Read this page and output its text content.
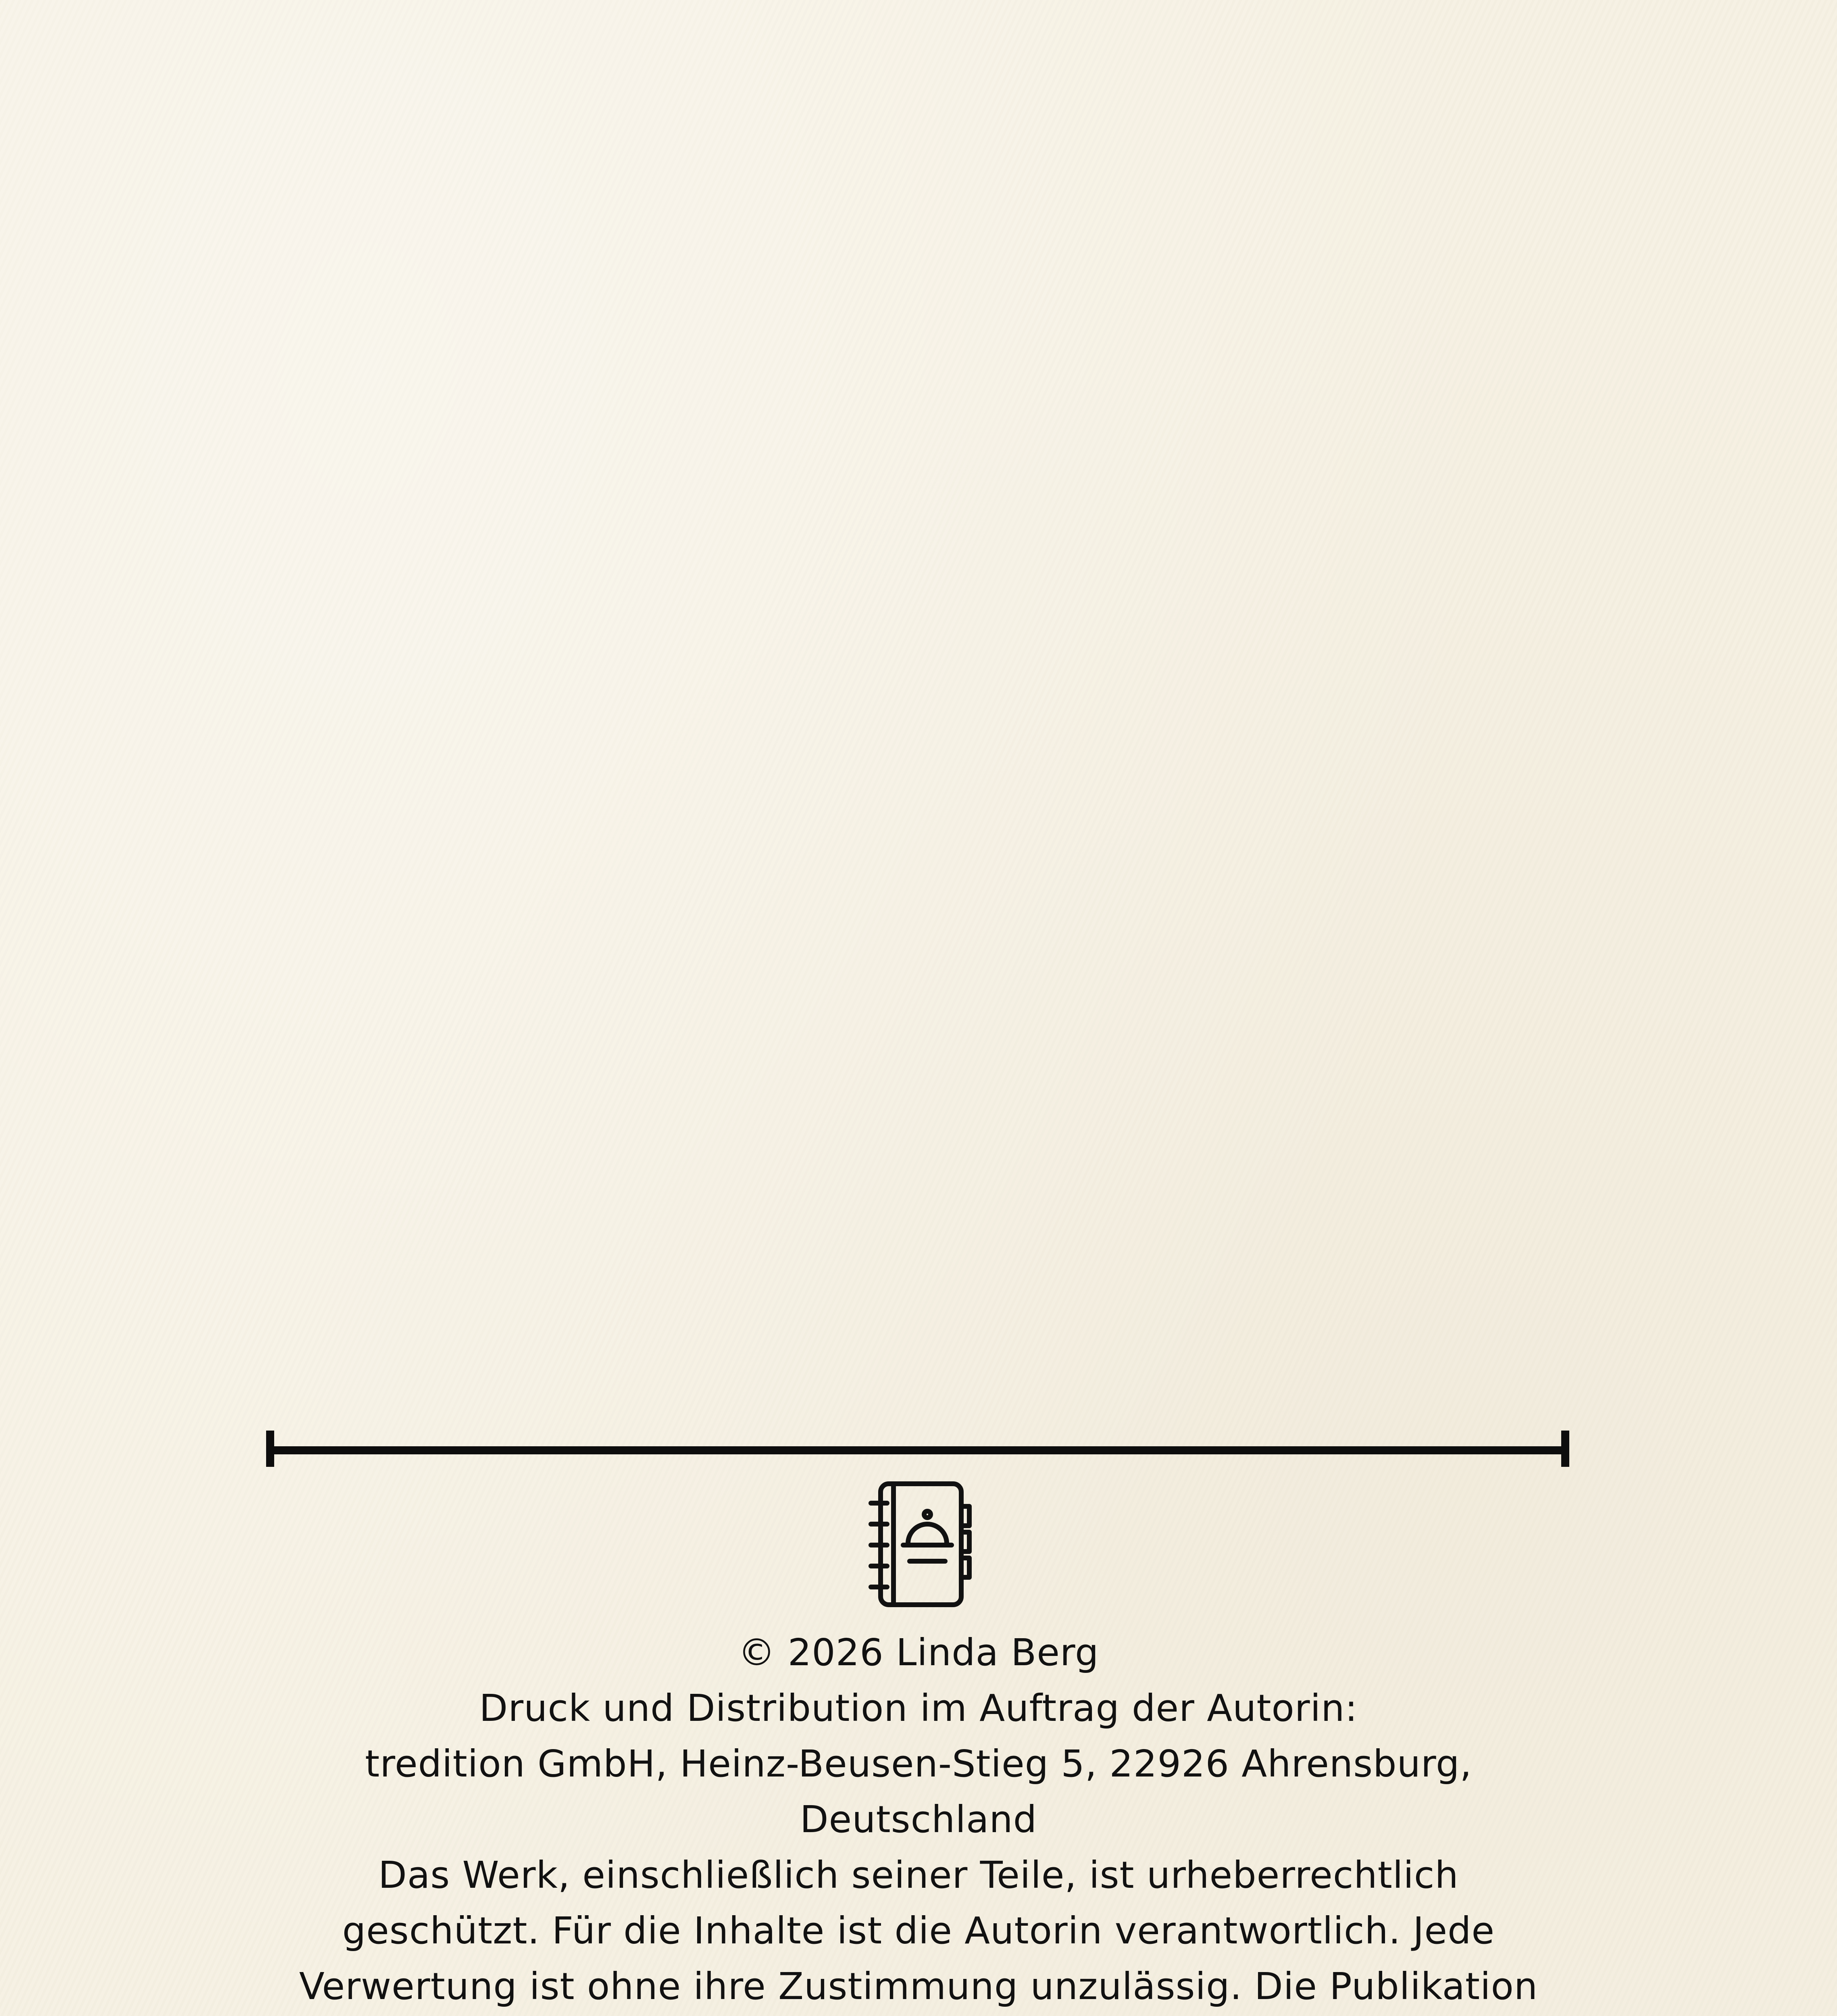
© 2026 Linda Berg

Druck und Distribution im Auftrag der Autorin:

tredition GmbH, Heinz-Beusen-Stieg 5, 22926 Ahrensburg, Deutschland

Das Werk, einschließlich seiner Teile, ist urheberrechtlich geschützt. Für die Inhalte ist die Autorin verantwortlich. Jede Verwertung ist ohne ihre Zustimmung unzulässig. Die Publikation
